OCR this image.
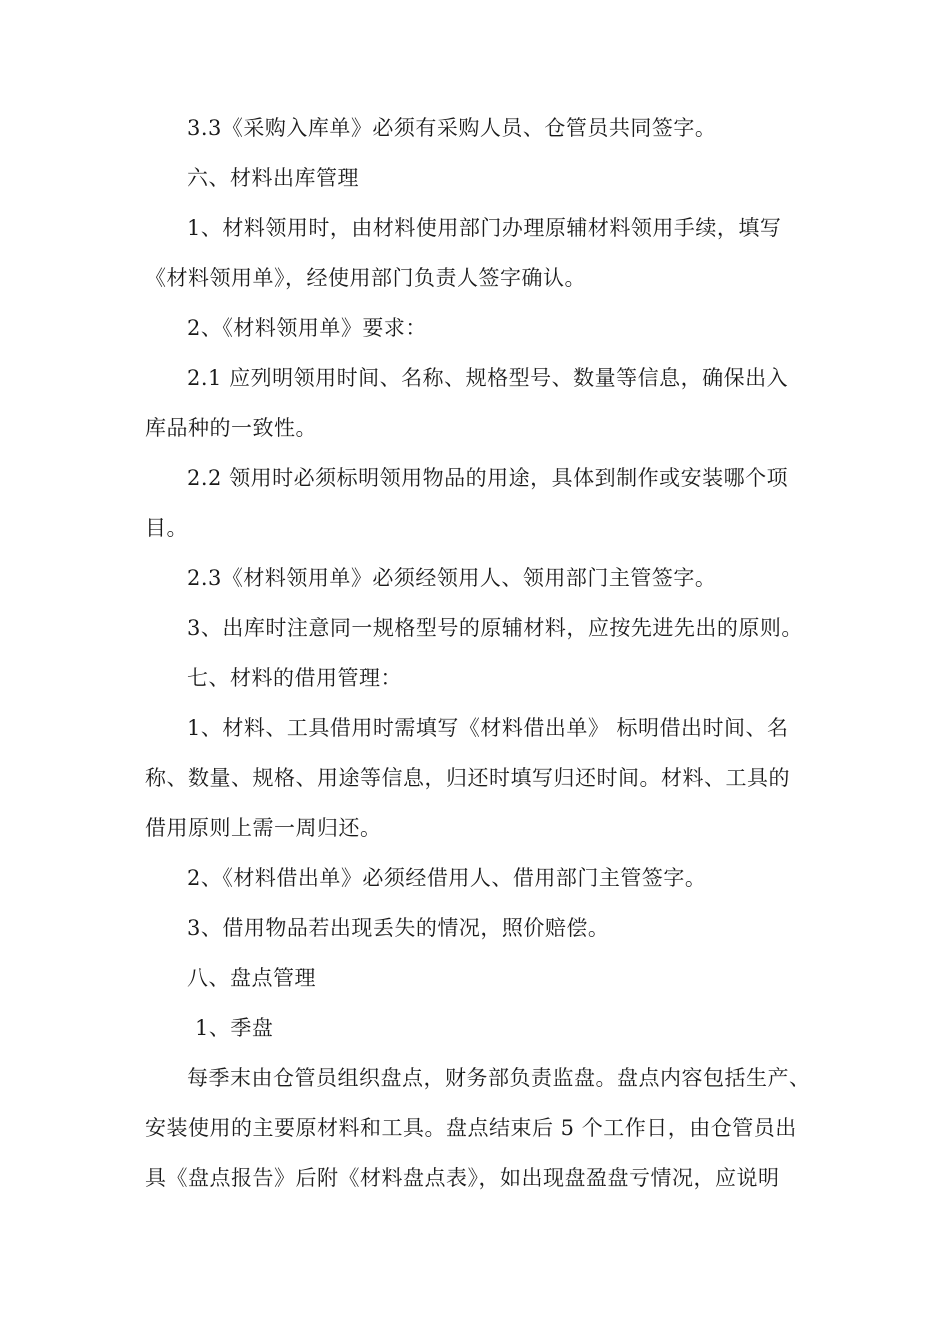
3.3《采购入库单》必须有采购人员、仓管员共同签字。

六、材料出库管理

1、材料领用时，由材料使用部门办理原辅材料领用手续，填写

《材料领用单》，经使用部门负责人签字确认。

2、《材料领用单》要求：

2.1 应列明领用时间、名称、规格型号、数量等信息，确保出入

库品种的一致性。

2.2 领用时必须标明领用物品的用途，具体到制作或安装哪个项

目。

2.3《材料领用单》必须经领用人、领用部门主管签字。

3、出库时注意同一规格型号的原辅材料，应按先进先出的原则。

七、材料的借用管理：

1、材料、工具借用时需填写《材料借出单》 标明借出时间、名

称、数量、规格、用途等信息，归还时填写归还时间。材料、工具的

借用原则上需一周归还。

2、《材料借出单》必须经借用人、借用部门主管签字。

3、借用物品若出现丢失的情况，照价赔偿。

八、盘点管理

1、季盘

每季末由仓管员组织盘点，财务部负责监盘。盘点内容包括生产、

安装使用的主要原材料和工具。盘点结束后 5 个工作日，由仓管员出

具《盘点报告》后附《材料盘点表》，如出现盘盈盘亏情况，应说明
